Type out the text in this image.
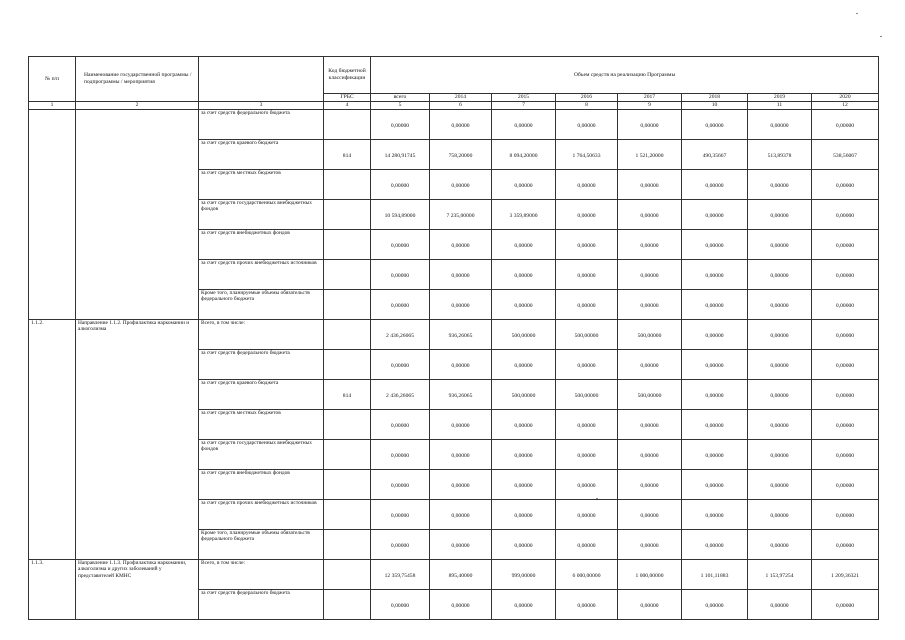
№ п/п	Наименование государственной программы / подпрограммы / мероприятия		Код бюджетной классификации	Объем средств на реализацию Программы							
			ГРБС	всего	2014	2015	2016	2017	2018	2019	2020
1	2	3	4	5	6	7	8	9	10	11	12
		за счет средств федерального бюджета		0,00000	0,00000	0,00000	0,00000	0,00000	0,00000	0,00000	0,00000
		за счет средств краевого бюджета	814	14 280,91745	758,20000	8 094,20000	1 764,50633	1 521,20000	490,35667	513,89378	538,56067
		за счет средств местных бюджетов		0,00000	0,00000	0,00000	0,00000	0,00000	0,00000	0,00000	0,00000
		за счет средств государственных внебюджетных фондов		10 594,89000	7 235,00000	3 359,89000	0,00000	0,00000	0,00000	0,00000	0,00000
		за счет средств внебюджетных фондов		0,00000	0,00000	0,00000	0,00000	0,00000	0,00000	0,00000	0,00000
		за счет средств прочих внебюджетных источников		0,00000	0,00000	0,00000	0,00000	0,00000	0,00000	0,00000	0,00000
		Кроме того, планируемые объемы обязательств федерального бюджета		0,00000	0,00000	0,00000	0,00000	0,00000	0,00000	0,00000	0,00000
1.1.2.	Направление 1.1.2. Профилактика наркомании и алкоголизма	Всего, в том числе:		2 436,26065	936,26065	500,00000	500,00000	500,00000	0,00000	0,00000	0,00000
		за счет средств федерального бюджета		0,00000	0,00000	0,00000	0,00000	0,00000	0,00000	0,00000	0,00000
		за счет средств краевого бюджета	814	2 436,26065	936,26065	500,00000	500,00000	500,00000	0,00000	0,00000	0,00000
		за счет средств местных бюджетов		0,00000	0,00000	0,00000	0,00000	0,00000	0,00000	0,00000	0,00000
		за счет средств государственных внебюджетных фондов		0,00000	0,00000	0,00000	0,00000	0,00000	0,00000	0,00000	0,00000
		за счет средств внебюджетных фондов		0,00000	0,00000	0,00000	0,00000	0,00000	0,00000	0,00000	0,00000
		за счет средств прочих внебюджетных источников		0,00000	0,00000	0,00000	0,00000	0,00000	0,00000	0,00000	0,00000
		Кроме того, планируемые объемы обязательств федерального бюджета		0,00000	0,00000	0,00000	0,00000	0,00000	0,00000	0,00000	0,00000
1.1.3.	Направление 1.1.3. Профилактика наркомании, алкоголизма и других заболеваний у представителей КМНС	Всего, в том числе:		12 359,75458	895,40000	999,00000	6 000,00000	1 000,00000	1 101,11883	1 153,97254	1 209,36321
		за счет средств федерального бюджета		0,00000	0,00000	0,00000	0,00000	0,00000	0,00000	0,00000	0,00000
